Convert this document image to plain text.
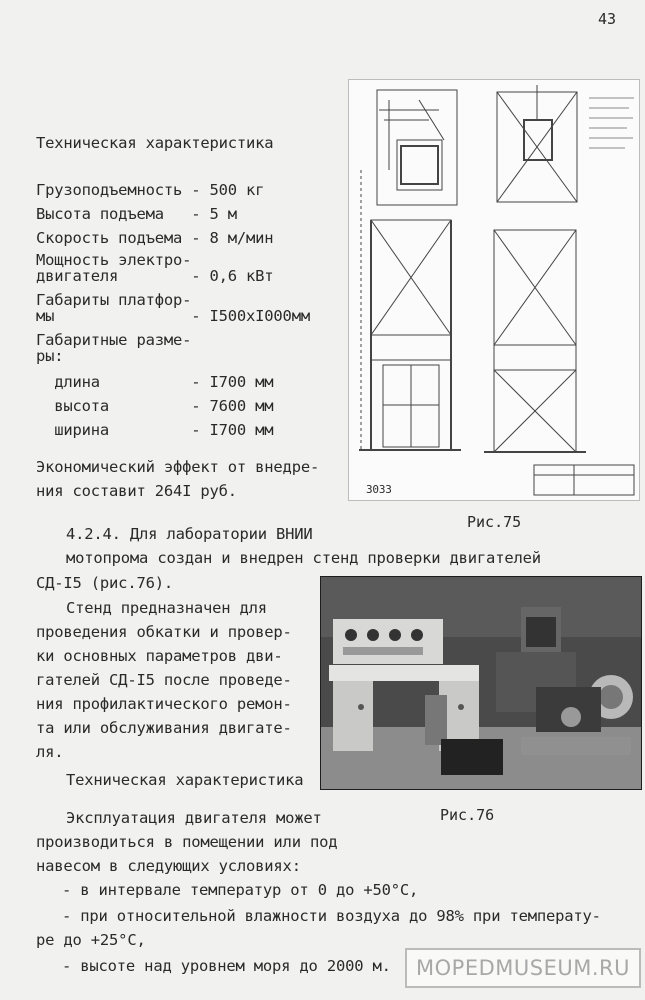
43
Техническая характеристика
Грузоподъемность - 500 кг
Высота подъема   - 5 м
Скорость подъема - 8 м/мин
Мощность электро-
двигателя        - 0,6 кВт
Габариты платфор-
мы               - I500xI000мм
Габаритные разме-
ры:
длина          - I700 мм
высота         - 7600 мм
ширина         - I700 мм
Экономический эффект от внедре-
ния составит 264I руб.	3033
Рис.75
4.2.4. Для лаборатории ВНИИ
мотопрома создан и внедрен стенд проверки двигателей
СД-I5 (рис.76).
Стенд предназначен для
проведения обкатки и провер-
ки основных параметров дви-
гателей СД-I5 после проведе-
ния профилактического ремон-
та или обслуживания двигате-
ля.
Техническая характеристика
Рис.76
Эксплуатация двигателя может
производиться в помещении или под
навесом в следующих условиях:
- в интервале температур от 0 до +50°С,
- при относительной влажности воздуха до 98% при температу-
ре до +25°С,
- высоте над уровнем моря до 2000 м.	MOPEDMUSEUM.RU
